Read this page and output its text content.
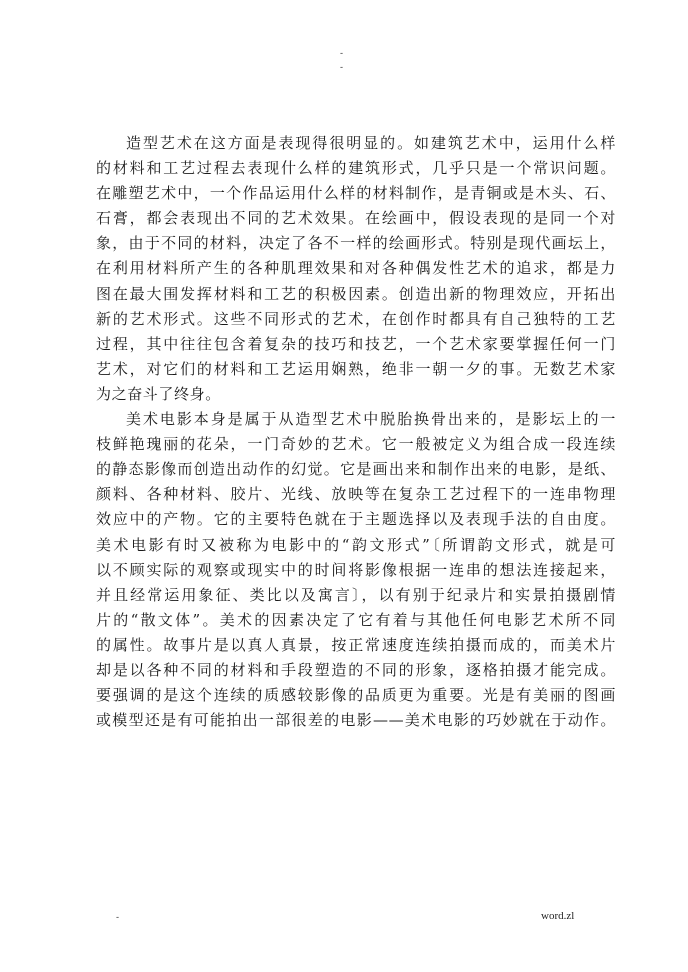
-
-
造型艺术在这方面是表现得很明显的。如建筑艺术中，运用什么样
的材料和工艺过程去表现什么样的建筑形式，几乎只是一个常识问题。
在雕塑艺术中，一个作品运用什么样的材料制作，是青铜或是木头、石、
石膏，都会表现出不同的艺术效果。在绘画中，假设表现的是同一个对
象，由于不同的材料，决定了各不一样的绘画形式。特别是现代画坛上，
在利用材料所产生的各种肌理效果和对各种偶发性艺术的追求，都是力
图在最大围发挥材料和工艺的积极因素。创造出新的物理效应，开拓出
新的艺术形式。这些不同形式的艺术，在创作时都具有自己独特的工艺
过程，其中往往包含着复杂的技巧和技艺，一个艺术家要掌握任何一门
艺术，对它们的材料和工艺运用娴熟，绝非一朝一夕的事。无数艺术家
为之奋斗了终身。
美术电影本身是属于从造型艺术中脱胎换骨出来的，是影坛上的一
枝鲜艳瑰丽的花朵，一门奇妙的艺术。它一般被定义为组合成一段连续
的静态影像而创造出动作的幻觉。它是画出来和制作出来的电影，是纸、
颜料、各种材料、胶片、光线、放映等在复杂工艺过程下的一连串物理
效应中的产物。它的主要特色就在于主题选择以及表现手法的自由度。
美术电影有时又被称为电影中的“韵文形式”〔所谓韵文形式，就是可
以不顾实际的观察或现实中的时间将影像根据一连串的想法连接起来，
并且经常运用象征、类比以及寓言〕，以有别于纪录片和实景拍摄剧情
片的“散文体”。美术的因素决定了它有着与其他任何电影艺术所不同
的属性。故事片是以真人真景，按正常速度连续拍摄而成的，而美术片
却是以各种不同的材料和手段塑造的不同的形象，逐格拍摄才能完成。
要强调的是这个连续的质感较影像的品质更为重要。光是有美丽的图画
或模型还是有可能拍出一部很差的电影——美术电影的巧妙就在于动作。
-	word.zl
